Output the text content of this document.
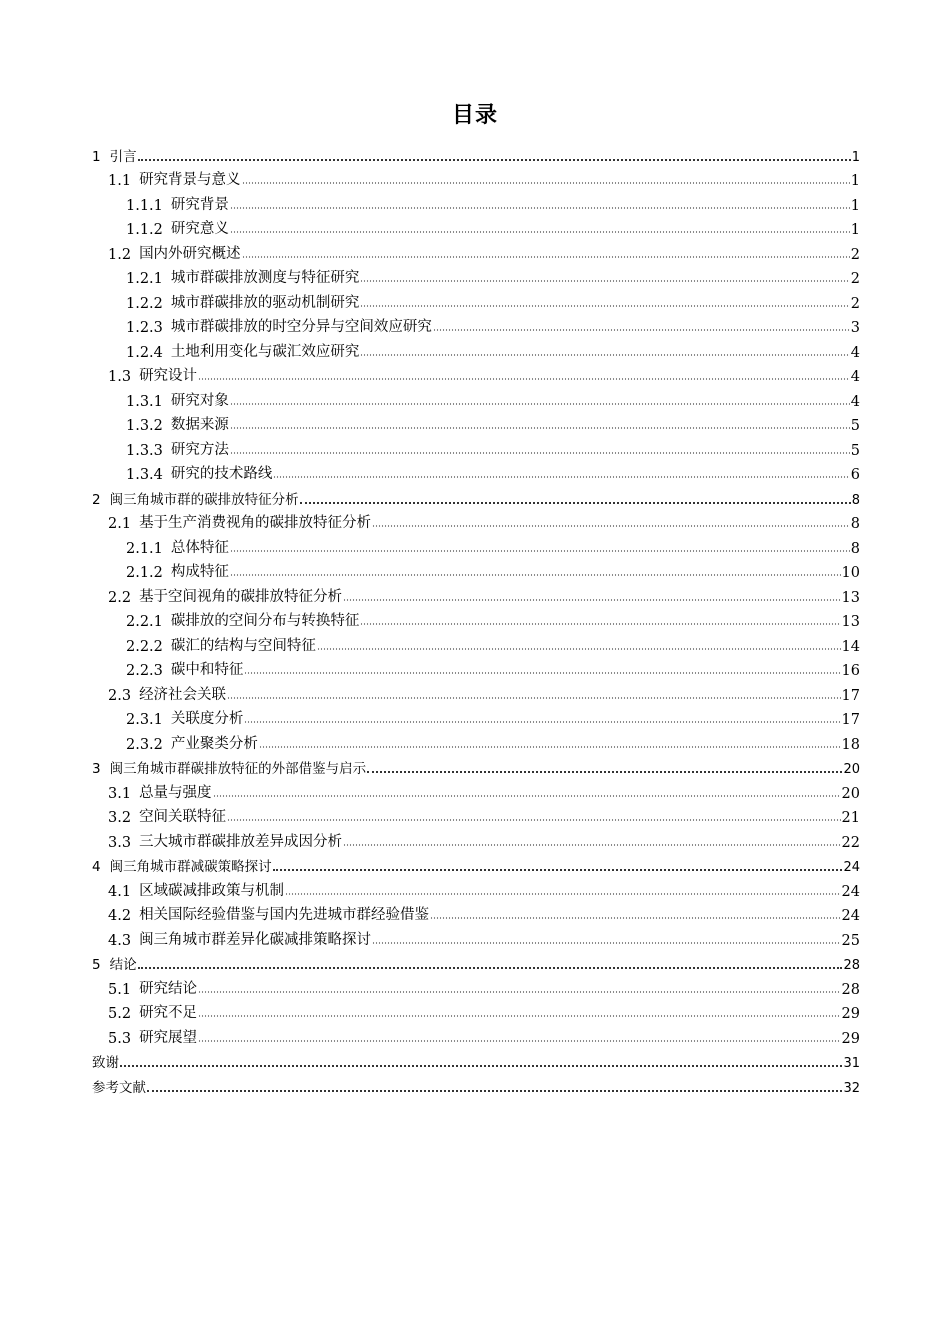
目录
1 引言	1
1.1 研究背景与意义	1
1.1.1 研究背景	1
1.1.2 研究意义	1
1.2 国内外研究概述	2
1.2.1 城市群碳排放测度与特征研究	2
1.2.2 城市群碳排放的驱动机制研究	2
1.2.3 城市群碳排放的时空分异与空间效应研究	3
1.2.4 土地利用变化与碳汇效应研究	4
1.3 研究设计	4
1.3.1 研究对象	4
1.3.2 数据来源	5
1.3.3 研究方法	5
1.3.4 研究的技术路线	6
2 闽三角城市群的碳排放特征分析	8
2.1 基于生产消费视角的碳排放特征分析	8
2.1.1 总体特征	8
2.1.2 构成特征	10
2.2 基于空间视角的碳排放特征分析	13
2.2.1 碳排放的空间分布与转换特征	13
2.2.2 碳汇的结构与空间特征	14
2.2.3 碳中和特征	16
2.3 经济社会关联	17
2.3.1 关联度分析	17
2.3.2 产业聚类分析	18
3 闽三角城市群碳排放特征的外部借鉴与启示	20
3.1 总量与强度	20
3.2 空间关联特征	21
3.3 三大城市群碳排放差异成因分析	22
4 闽三角城市群减碳策略探讨	24
4.1 区域碳减排政策与机制	24
4.2 相关国际经验借鉴与国内先进城市群经验借鉴	24
4.3 闽三角城市群差异化碳减排策略探讨	25
5 结论	28
5.1 研究结论	28
5.2 研究不足	29
5.3 研究展望	29
致谢	31
参考文献	32
